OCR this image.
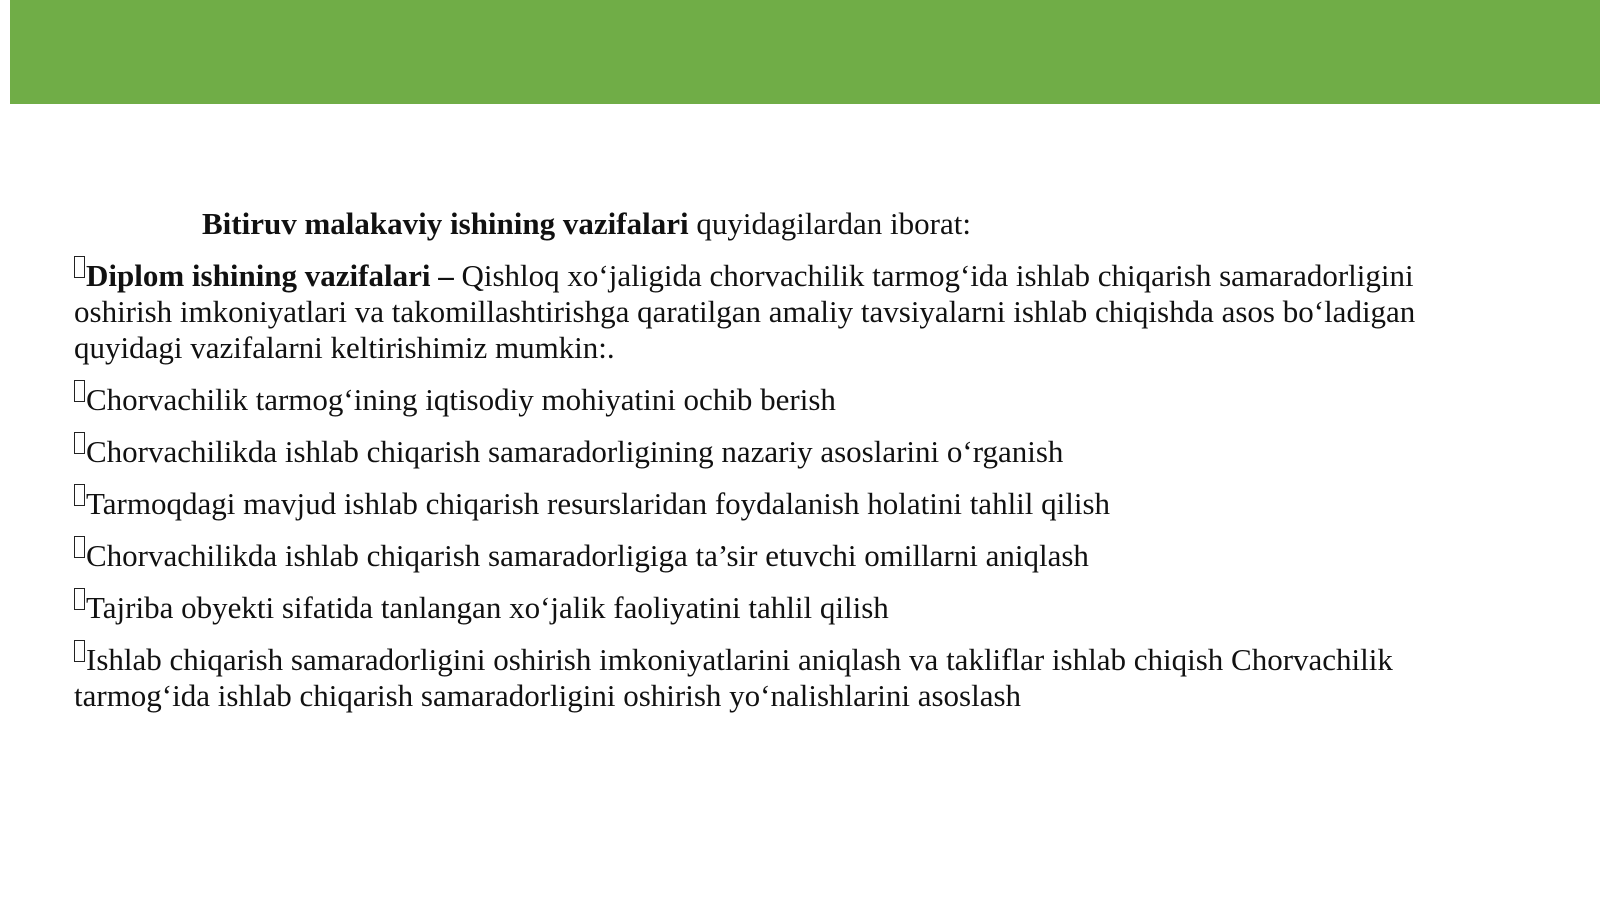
Bitiruv malakaviy ishining vazifalari quyidagilardan iborat:

Diplom ishining vazifalari – Qishloq xo‘jaligida chorvachilik tarmog‘ida ishlab chiqarish samaradorligini oshirish imkoniyatlari va takomillashtirishga qaratilgan amaliy tavsiyalarni ishlab chiqishda asos bo‘ladigan quyidagi vazifalarni keltirishimiz mumkin:.

Chorvachilik tarmog‘ining iqtisodiy mohiyatini ochib berish

Chorvachilikda ishlab chiqarish samaradorligining nazariy asoslarini o‘rganish

Tarmoqdagi mavjud ishlab chiqarish resurslaridan foydalanish holatini tahlil qilish

Chorvachilikda ishlab chiqarish samaradorligiga ta’sir etuvchi omillarni aniqlash

Tajriba obyekti sifatida tanlangan xo‘jalik faoliyatini tahlil qilish

Ishlab chiqarish samaradorligini oshirish imkoniyatlarini aniqlash va takliflar ishlab chiqish Chorvachilik tarmog‘ida ishlab chiqarish samaradorligini oshirish yo‘nalishlarini asoslash
